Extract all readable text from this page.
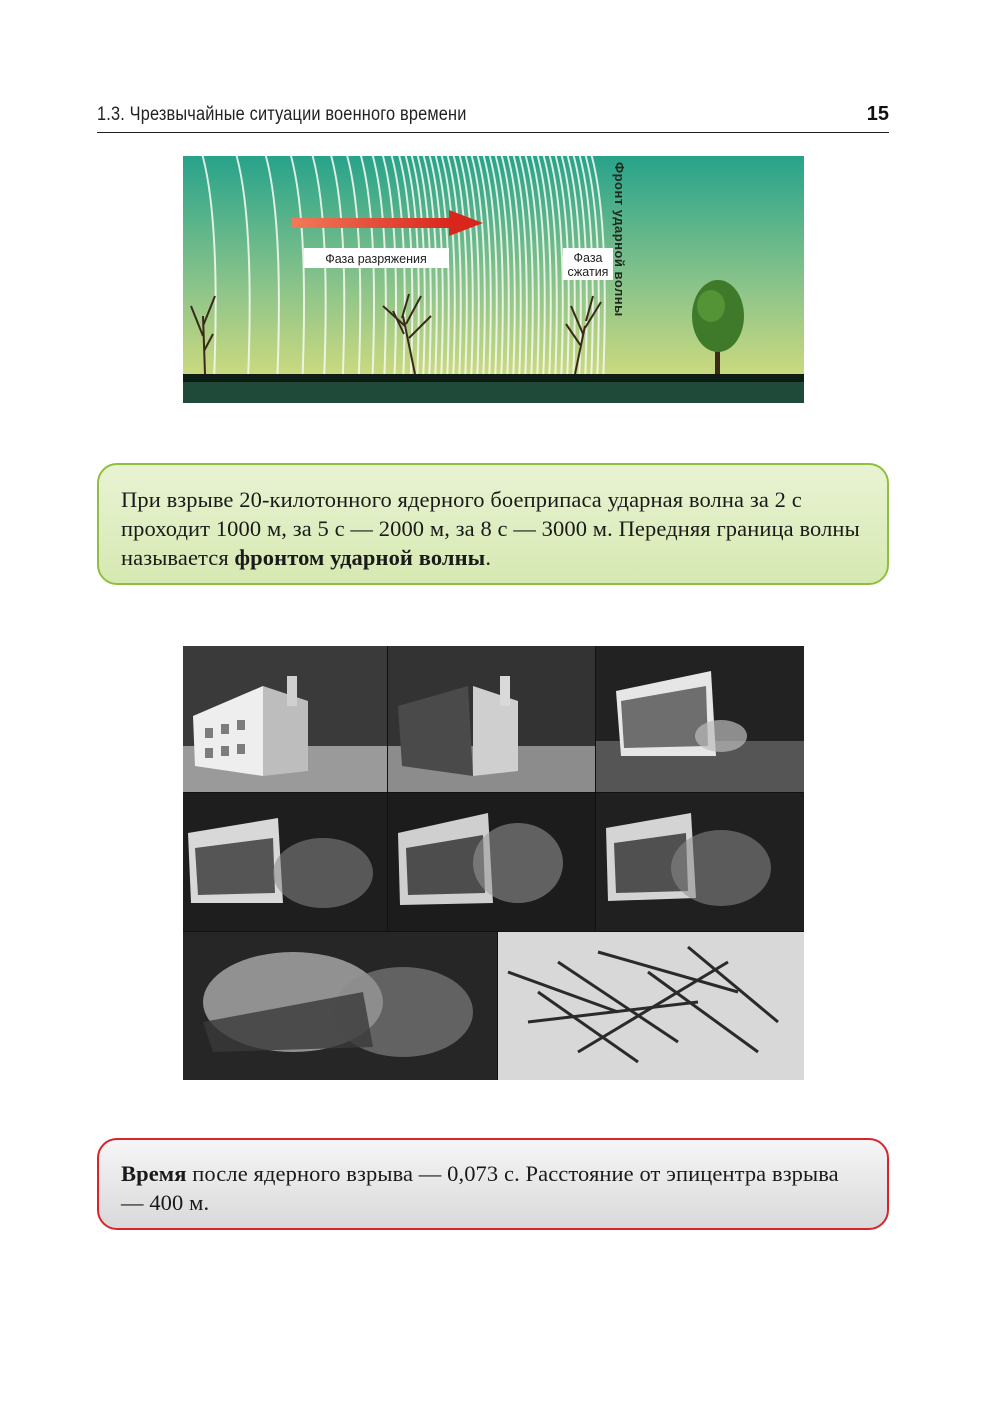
1.3. Чрезвычайные ситуации военного времени	15
Фаза разряжения	Фаза
сжатия Фронт ударной волны
При взрыве 20-килотонного ядерного боеприпаса ударная волна за 2 с проходит 1000 м, за 5 с — 2000 м, за 8 с — 3000 м. Передняя граница волны называется фронтом ударной волны.
Время после ядерного взрыва — 0,073 с. Расстояние от эпицентра взрыва — 400 м.
